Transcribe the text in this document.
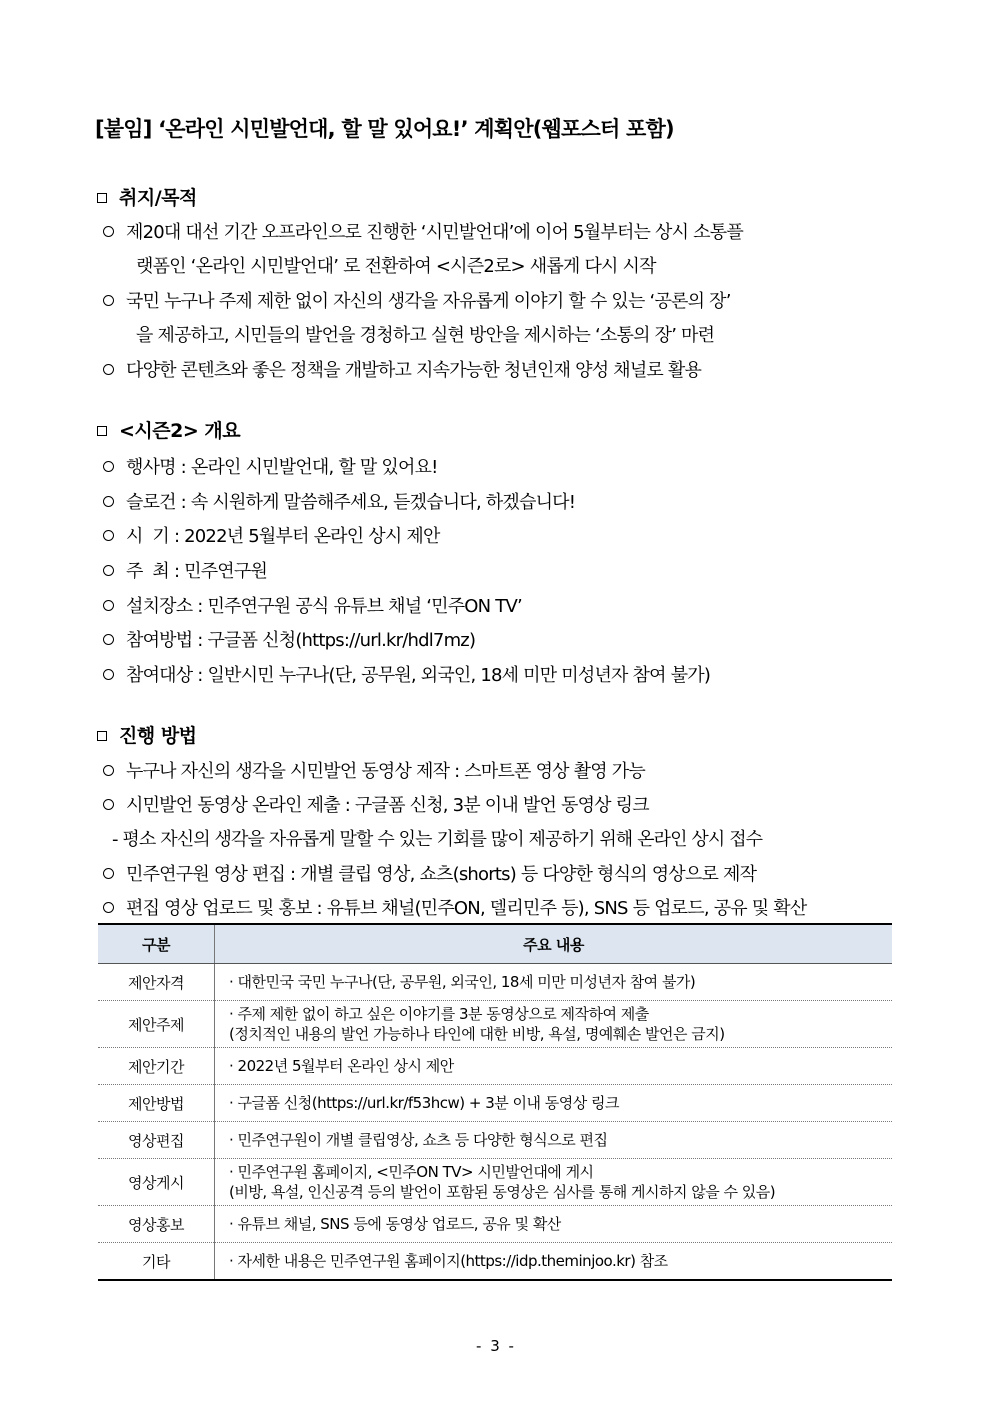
[붙임] ‘온라인 시민발언대, 할 말 있어요!’ 계획안(웹포스터 포함)
취지/목적
제20대 대선 기간 오프라인으로 진행한 ‘시민발언대’에 이어 5월부터는 상시 소통플
랫폼인 ‘온라인 시민발언대’ 로 전환하여 <시즌2로> 새롭게 다시 시작
국민 누구나 주제 제한 없이 자신의 생각을 자유롭게 이야기 할 수 있는 ‘공론의 장’
을 제공하고, 시민들의 발언을 경청하고 실현 방안을 제시하는 ‘소통의 장’ 마련
다양한 콘텐츠와 좋은 정책을 개발하고 지속가능한 청년인재 양성 채널로 활용
<시즌2> 개요
행사명 : 온라인 시민발언대, 할 말 있어요!
슬로건 : 속 시원하게 말씀해주세요, 듣겠습니다, 하겠습니다!
시  기 : 2022년 5월부터 온라인 상시 제안
주  최 : 민주연구원
설치장소 : 민주연구원 공식 유튜브 채널 ‘민주ON TV’
참여방법 : 구글폼 신청(https://url.kr/hdl7mz)
참여대상 : 일반시민 누구나(단, 공무원, 외국인, 18세 미만 미성년자 참여 불가)
진행 방법
누구나 자신의 생각을 시민발언 동영상 제작 : 스마트폰 영상 촬영 가능
시민발언 동영상 온라인 제출 : 구글폼 신청, 3분 이내 발언 동영상 링크
- 평소 자신의 생각을 자유롭게 말할 수 있는 기회를 많이 제공하기 위해 온라인 상시 접수
민주연구원 영상 편집 : 개별 클립 영상, 쇼츠(shorts) 등 다양한 형식의 영상으로 제작
편집 영상 업로드 및 홍보 : 유튜브 채널(민주ON, 델리민주 등), SNS 등 업로드, 공유 및 확산
구분	주요 내용
제안자격	· 대한민국 국민 누구나(단, 공무원, 외국인, 18세 미만 미성년자 참여 불가)

제안주제	· 주제 제한 없이 하고 싶은 이야기를 3분 동영상으로 제작하여 제출
(정치적인 내용의 발언 가능하나 타인에 대한 비방, 욕설, 명예훼손 발언은 금지)

제안기간	· 2022년 5월부터 온라인 상시 제안

제안방법	· 구글폼 신청(https://url.kr/f53hcw) + 3분 이내 동영상 링크

영상편집	· 민주연구원이 개별 클립영상, 쇼츠 등 다양한 형식으로 편집

영상게시	· 민주연구원 홈페이지, <민주ON TV> 시민발언대에 게시
(비방, 욕설, 인신공격 등의 발언이 포함된 동영상은 심사를 통해 게시하지 않을 수 있음)

영상홍보	· 유튜브 채널, SNS 등에 동영상 업로드, 공유 및 확산

기타	· 자세한 내용은 민주연구원 홈페이지(https://idp.theminjoo.kr) 참조
- 3 -
